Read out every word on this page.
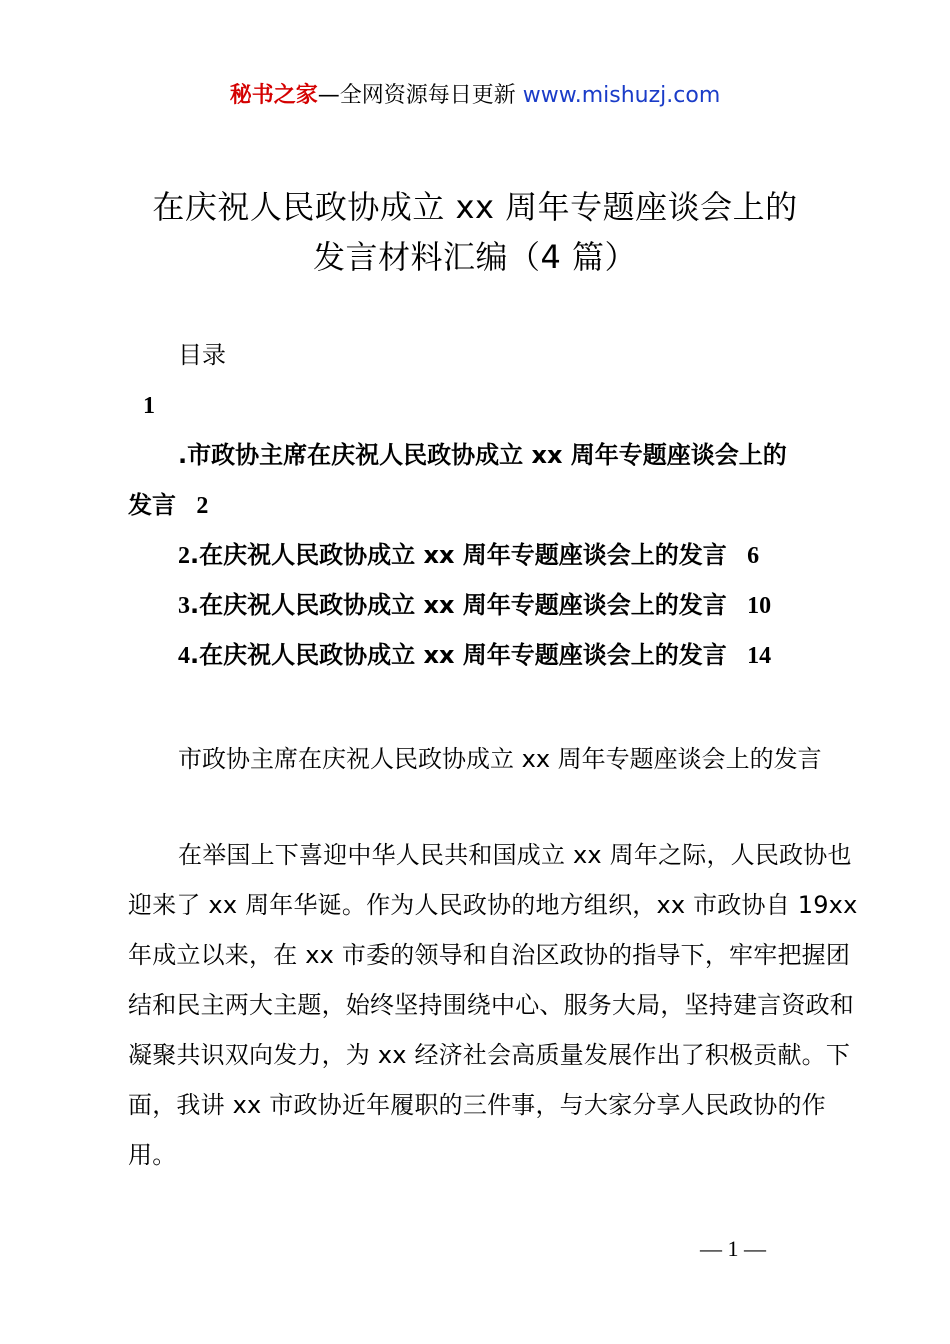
秘书之家—全网资源每日更新 www.mishuzj.com
在庆祝人民政协成立 xx 周年专题座谈会上的
发言材料汇编（4 篇）
目录
1
.市政协主席在庆祝人民政协成立 xx 周年专题座谈会上的
发言 2
2.在庆祝人民政协成立 xx 周年专题座谈会上的发言 6
3.在庆祝人民政协成立 xx 周年专题座谈会上的发言 10
4.在庆祝人民政协成立 xx 周年专题座谈会上的发言 14
市政协主席在庆祝人民政协成立 xx 周年专题座谈会上的发言
在举国上下喜迎中华人民共和国成立 xx 周年之际，人民政协也迎来了 xx 周年华诞。作为人民政协的地方组织，xx 市政协自 19xx 年成立以来，在 xx 市委的领导和自治区政协的指导下，牢牢把握团结和民主两大主题，始终坚持围绕中心、服务大局，坚持建言资政和凝聚共识双向发力，为 xx 经济社会高质量发展作出了积极贡献。下面，我讲 xx 市政协近年履职的三件事，与大家分享人民政协的作用。
— 1 —
